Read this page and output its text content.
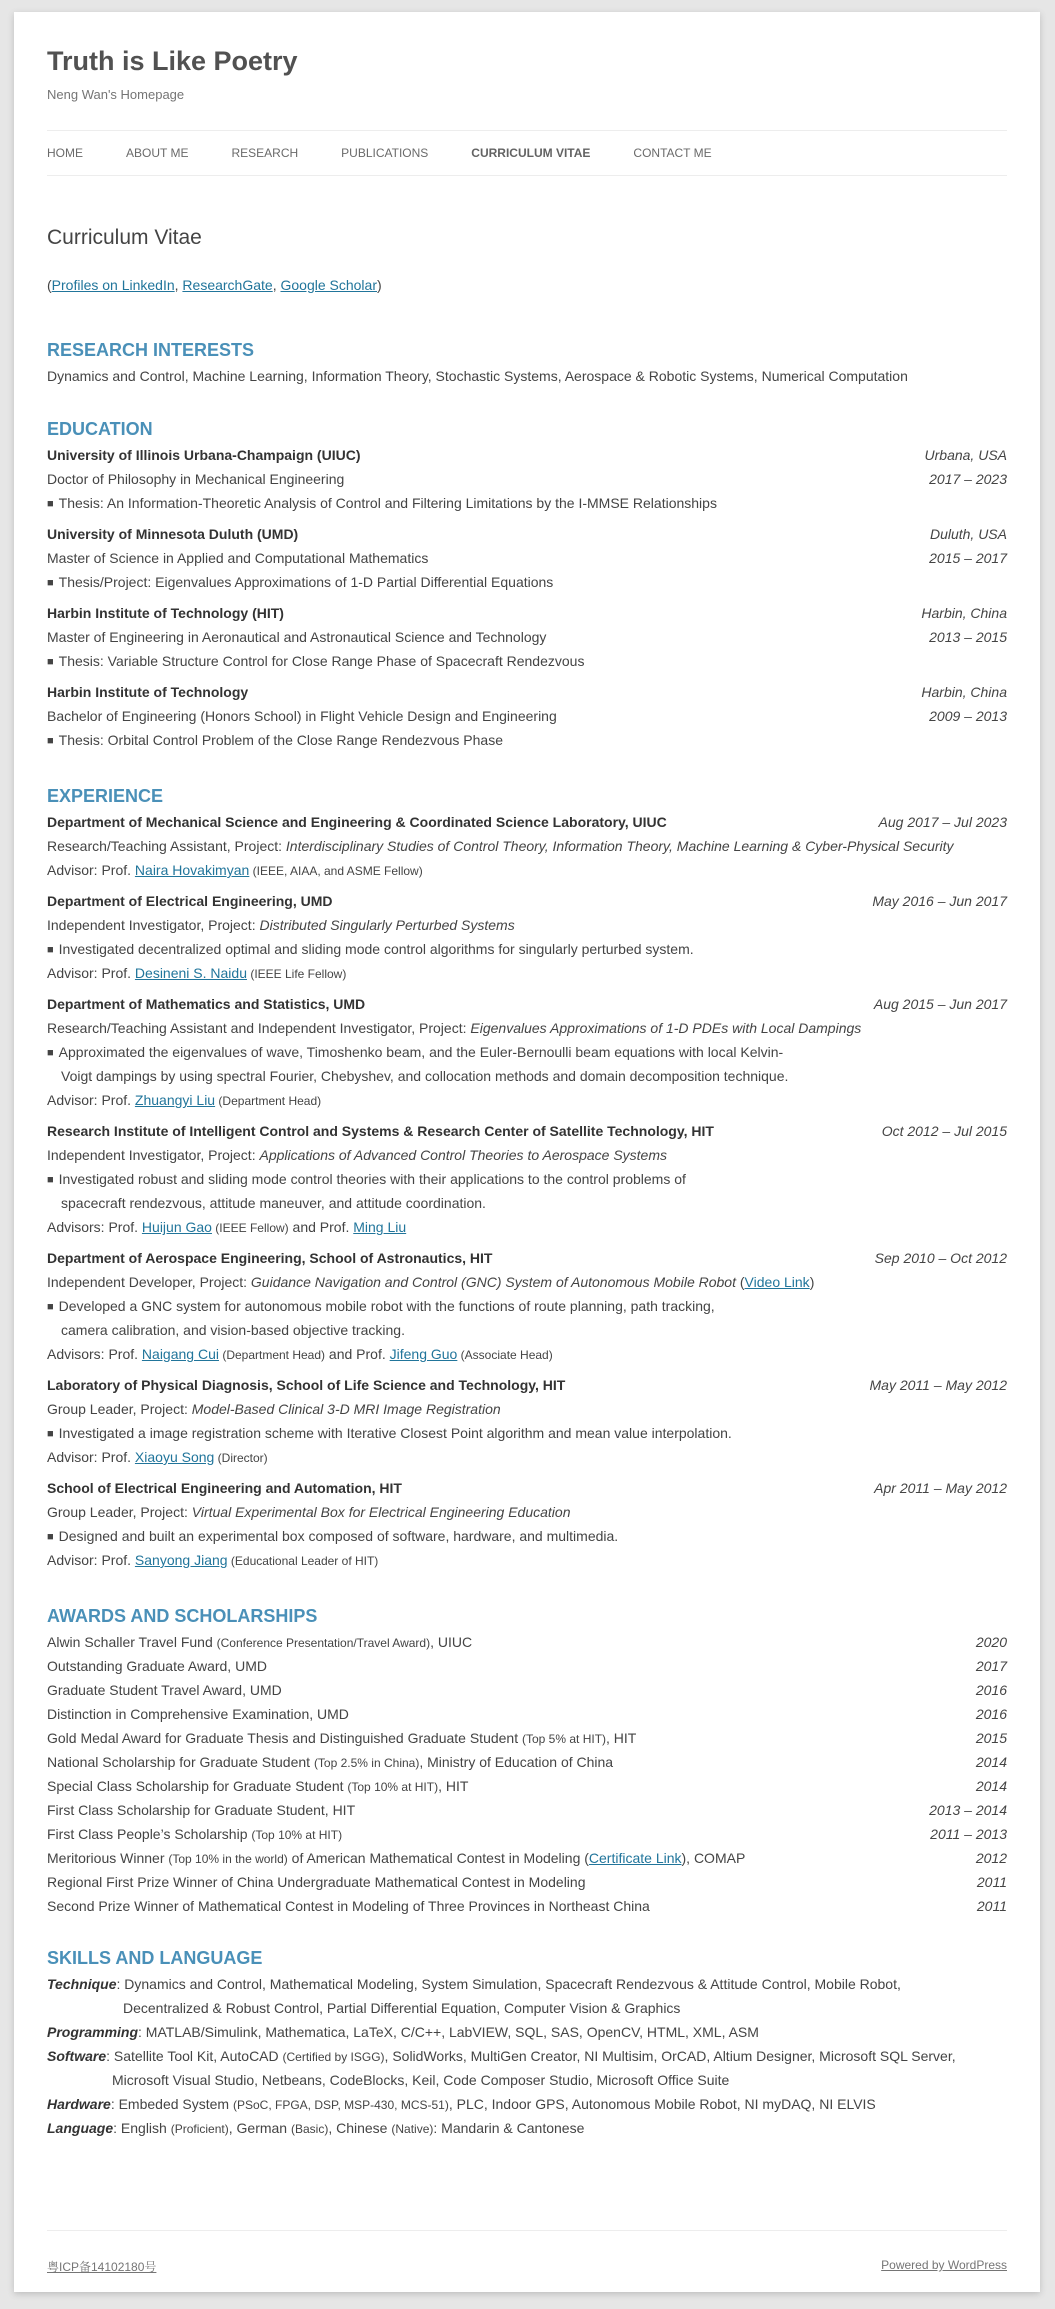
Truth is Like Poetry
Neng Wan's Homepage
HOME	ABOUT ME	RESEARCH	PUBLICATIONS	CURRICULUM VITAE	CONTACT ME
Curriculum Vitae
(Profiles on LinkedIn, ResearchGate, Google Scholar)
RESEARCH INTERESTS
Dynamics and Control, Machine Learning, Information Theory, Stochastic Systems, Aerospace & Robotic Systems, Numerical Computation
EDUCATION
University of Illinois Urbana-Champaign (UIUC)	Urbana, USA
Doctor of Philosophy in Mechanical Engineering	2017 – 2023
■ Thesis: An Information-Theoretic Analysis of Control and Filtering Limitations by the I-MMSE Relationships
University of Minnesota Duluth (UMD)	Duluth, USA
Master of Science in Applied and Computational Mathematics	2015 – 2017
■ Thesis/Project: Eigenvalues Approximations of 1-D Partial Differential Equations
Harbin Institute of Technology (HIT)	Harbin, China
Master of Engineering in Aeronautical and Astronautical Science and Technology	2013 – 2015
■ Thesis: Variable Structure Control for Close Range Phase of Spacecraft Rendezvous
Harbin Institute of Technology	Harbin, China
Bachelor of Engineering (Honors School) in Flight Vehicle Design and Engineering	2009 – 2013
■ Thesis: Orbital Control Problem of the Close Range Rendezvous Phase
EXPERIENCE
Department of Mechanical Science and Engineering & Coordinated Science Laboratory, UIUC	Aug 2017 – Jul 2023
Research/Teaching Assistant, Project: Interdisciplinary Studies of Control Theory, Information Theory, Machine Learning & Cyber-Physical Security
Advisor: Prof. Naira Hovakimyan (IEEE, AIAA, and ASME Fellow)
Department of Electrical Engineering, UMD	May 2016 – Jun 2017
Independent Investigator, Project: Distributed Singularly Perturbed Systems
■ Investigated decentralized optimal and sliding mode control algorithms for singularly perturbed system.
Advisor: Prof. Desineni S. Naidu (IEEE Life Fellow)
Department of Mathematics and Statistics, UMD	Aug 2015 – Jun 2017
Research/Teaching Assistant and Independent Investigator, Project: Eigenvalues Approximations of 1-D PDEs with Local Dampings
■ Approximated the eigenvalues of wave, Timoshenko beam, and the Euler-Bernoulli beam equations with local Kelvin-
Voigt dampings by using spectral Fourier, Chebyshev, and collocation methods and domain decomposition technique.
Advisor: Prof. Zhuangyi Liu (Department Head)
Research Institute of Intelligent Control and Systems & Research Center of Satellite Technology, HIT	Oct 2012 – Jul 2015
Independent Investigator, Project: Applications of Advanced Control Theories to Aerospace Systems
■ Investigated robust and sliding mode control theories with their applications to the control problems of
spacecraft rendezvous, attitude maneuver, and attitude coordination.
Advisors: Prof. Huijun Gao (IEEE Fellow) and Prof. Ming Liu
Department of Aerospace Engineering, School of Astronautics, HIT	Sep 2010 – Oct 2012
Independent Developer, Project: Guidance Navigation and Control (GNC) System of Autonomous Mobile Robot (Video Link)
■ Developed a GNC system for autonomous mobile robot with the functions of route planning, path tracking,
camera calibration, and vision-based objective tracking.
Advisors: Prof. Naigang Cui (Department Head) and Prof. Jifeng Guo (Associate Head)
Laboratory of Physical Diagnosis, School of Life Science and Technology, HIT	May 2011 – May 2012
Group Leader, Project: Model-Based Clinical 3-D MRI Image Registration
■ Investigated a image registration scheme with Iterative Closest Point algorithm and mean value interpolation.
Advisor: Prof. Xiaoyu Song (Director)
School of Electrical Engineering and Automation, HIT	Apr 2011 – May 2012
Group Leader, Project: Virtual Experimental Box for Electrical Engineering Education
■ Designed and built an experimental box composed of software, hardware, and multimedia.
Advisor: Prof. Sanyong Jiang (Educational Leader of HIT)
AWARDS AND SCHOLARSHIPS
Alwin Schaller Travel Fund (Conference Presentation/Travel Award), UIUC	2020
Outstanding Graduate Award, UMD	2017
Graduate Student Travel Award, UMD	2016
Distinction in Comprehensive Examination, UMD	2016
Gold Medal Award for Graduate Thesis and Distinguished Graduate Student (Top 5% at HIT), HIT	2015
National Scholarship for Graduate Student (Top 2.5% in China), Ministry of Education of China	2014
Special Class Scholarship for Graduate Student (Top 10% at HIT), HIT	2014
First Class Scholarship for Graduate Student, HIT	2013 – 2014
First Class People’s Scholarship (Top 10% at HIT)	2011 – 2013
Meritorious Winner (Top 10% in the world) of American Mathematical Contest in Modeling (Certificate Link), COMAP	2012
Regional First Prize Winner of China Undergraduate Mathematical Contest in Modeling	2011
Second Prize Winner of Mathematical Contest in Modeling of Three Provinces in Northeast China	2011
SKILLS AND LANGUAGE
Technique: Dynamics and Control, Mathematical Modeling, System Simulation, Spacecraft Rendezvous & Attitude Control, Mobile Robot,
Decentralized & Robust Control, Partial Differential Equation, Computer Vision & Graphics
Programming: MATLAB/Simulink, Mathematica, LaTeX, C/C++, LabVIEW, SQL, SAS, OpenCV, HTML, XML, ASM
Software: Satellite Tool Kit, AutoCAD (Certified by ISGG), SolidWorks, MultiGen Creator, NI Multisim, OrCAD, Altium Designer, Microsoft SQL Server,
Microsoft Visual Studio, Netbeans, CodeBlocks, Keil, Code Composer Studio, Microsoft Office Suite
Hardware: Embeded System (PSoC, FPGA, DSP, MSP-430, MCS-51), PLC, Indoor GPS, Autonomous Mobile Robot, NI myDAQ, NI ELVIS
Language: English (Proficient), German (Basic), Chinese (Native): Mandarin & Cantonese
粤ICP备14102180号	Powered by WordPress
